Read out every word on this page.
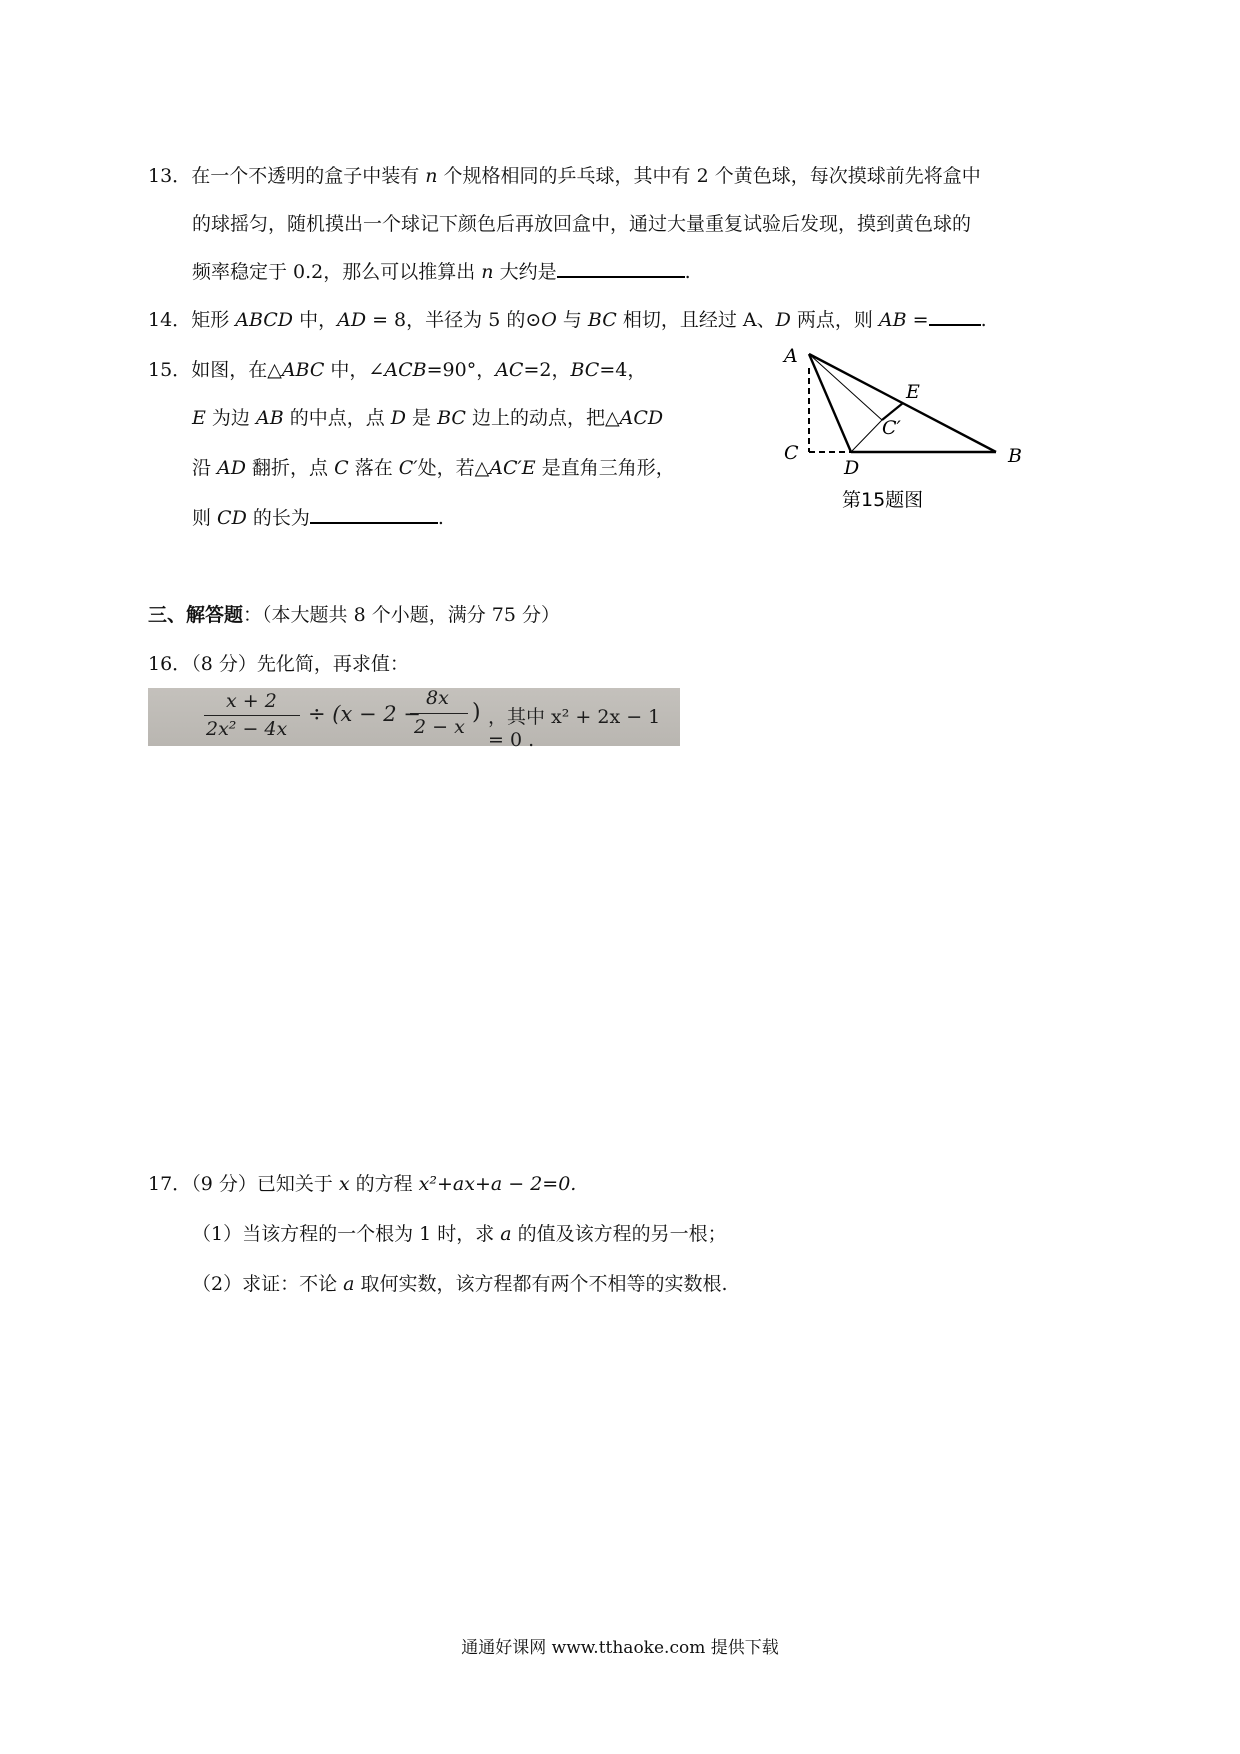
13．在一个不透明的盒子中装有 n 个规格相同的乒乓球，其中有 2 个黄色球，每次摸球前先将盒中
的球摇匀，随机摸出一个球记下颜色后再放回盒中，通过大量重复试验后发现，摸到黄色球的
频率稳定于 0.2，那么可以推算出 n 大约是	.
14．矩形 ABCD 中，AD = 8，半径为 5 的⊙O 与 BC 相切，且经过 A、D 两点，则 AB =	.
15．如图，在△ABC 中，∠ACB=90°，AC=2，BC=4，
E 为边 AB 的中点，点 D 是 BC 边上的动点，把△ACD
沿 AD 翻折，点 C 落在 C′处，若△AC′E 是直角三角形，
则 CD 的长为	.
A
E
C′
C
D
B
第15题图
三、解答题：（本大题共 8 个小题，满分 75 分）
16．（8 分）先化简，再求值：
x + 2
2x² − 4x
÷ (x − 2 −
8x
2 − x
) ，其中 x² + 2x − 1 = 0 .
17．（9 分）已知关于 x 的方程 x²+ax+a − 2=0.
（1）当该方程的一个根为 1 时，求 a 的值及该方程的另一根；
（2）求证：不论 a 取何实数，该方程都有两个不相等的实数根.
通通好课网 www.tthaoke.com 提供下载
